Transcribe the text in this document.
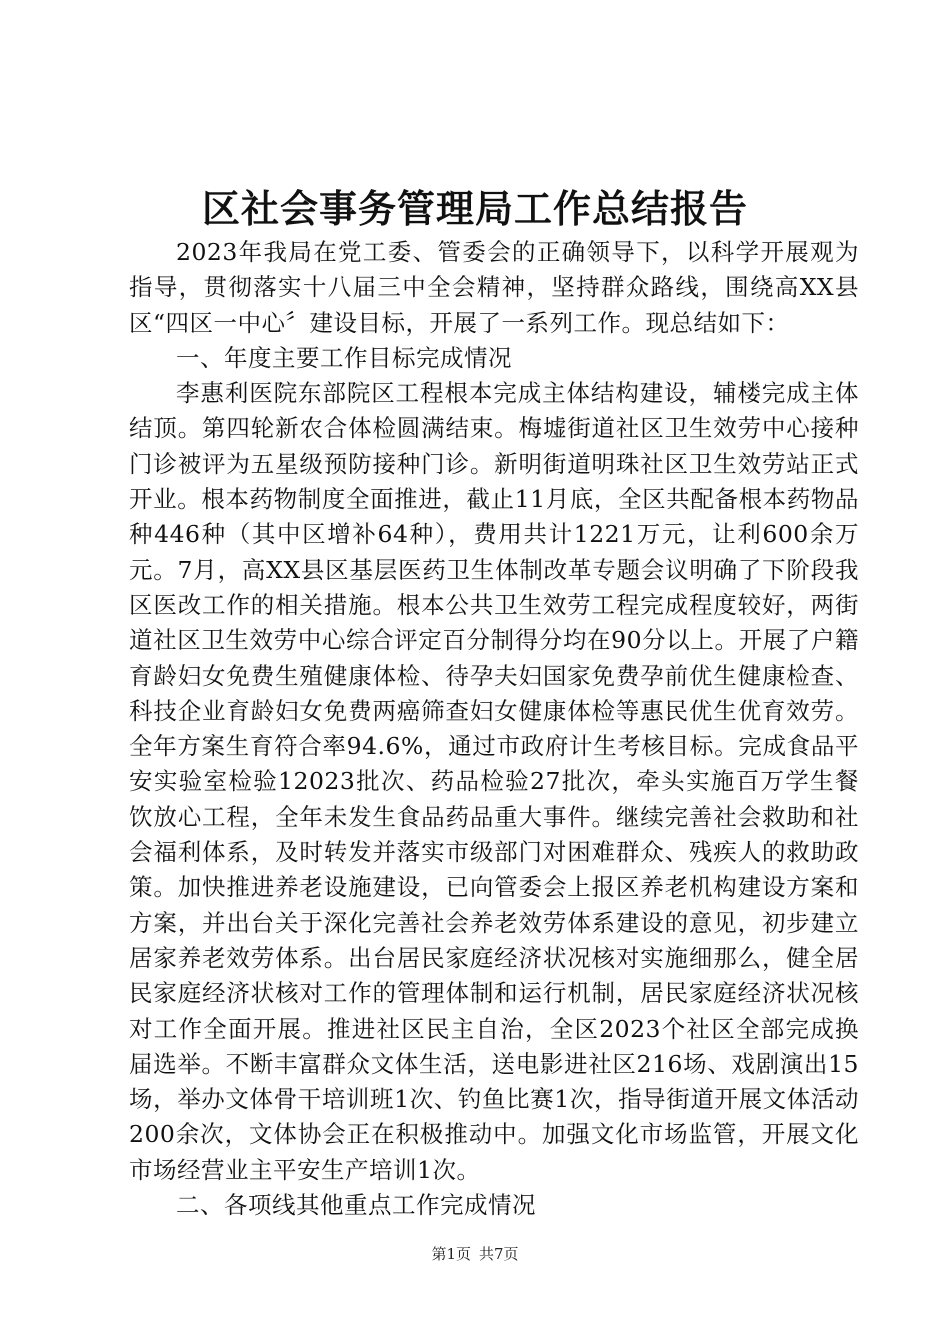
区社会事务管理局工作总结报告

2023年我局在党工委、管委会的正确领导下，以科学开展观为指导，贯彻落实十八届三中全会精神，坚持群众路线，围绕高XX县区“四区一中心〞建设目标，开展了一系列工作。现总结如下：

一、年度主要工作目标完成情况

李惠利医院东部院区工程根本完成主体结构建设，辅楼完成主体结顶。第四轮新农合体检圆满结束。梅墟街道社区卫生效劳中心接种门诊被评为五星级预防接种门诊。新明街道明珠社区卫生效劳站正式开业。根本药物制度全面推进，截止11月底，全区共配备根本药物品种446种（其中区增补64种），费用共计1221万元，让利600余万元。7月，高XX县区基层医药卫生体制改革专题会议明确了下阶段我区医改工作的相关措施。根本公共卫生效劳工程完成程度较好，两街道社区卫生效劳中心综合评定百分制得分均在90分以上。开展了户籍育龄妇女免费生殖健康体检、待孕夫妇国家免费孕前优生健康检查、科技企业育龄妇女免费两癌筛查妇女健康体检等惠民优生优育效劳。全年方案生育符合率94.6%，通过市政府计生考核目标。完成食品平安实验室检验12023批次、药品检验27批次，牵头实施百万学生餐饮放心工程，全年未发生食品药品重大事件。继续完善社会救助和社会福利体系，及时转发并落实市级部门对困难群众、残疾人的救助政策。加快推进养老设施建设，已向管委会上报区养老机构建设方案和方案，并出台关于深化完善社会养老效劳体系建设的意见，初步建立居家养老效劳体系。出台居民家庭经济状况核对实施细那么，健全居民家庭经济状核对工作的管理体制和运行机制，居民家庭经济状况核对工作全面开展。推进社区民主自治，全区2023个社区全部完成换届选举。不断丰富群众文体生活，送电影进社区216场、戏剧演出15场，举办文体骨干培训班1次、钓鱼比赛1次，指导街道开展文体活动200余次，文体协会正在积极推动中。加强文化市场监管，开展文化市场经营业主平安生产培训1次。

二、各项线其他重点工作完成情况

第1页 共7页
